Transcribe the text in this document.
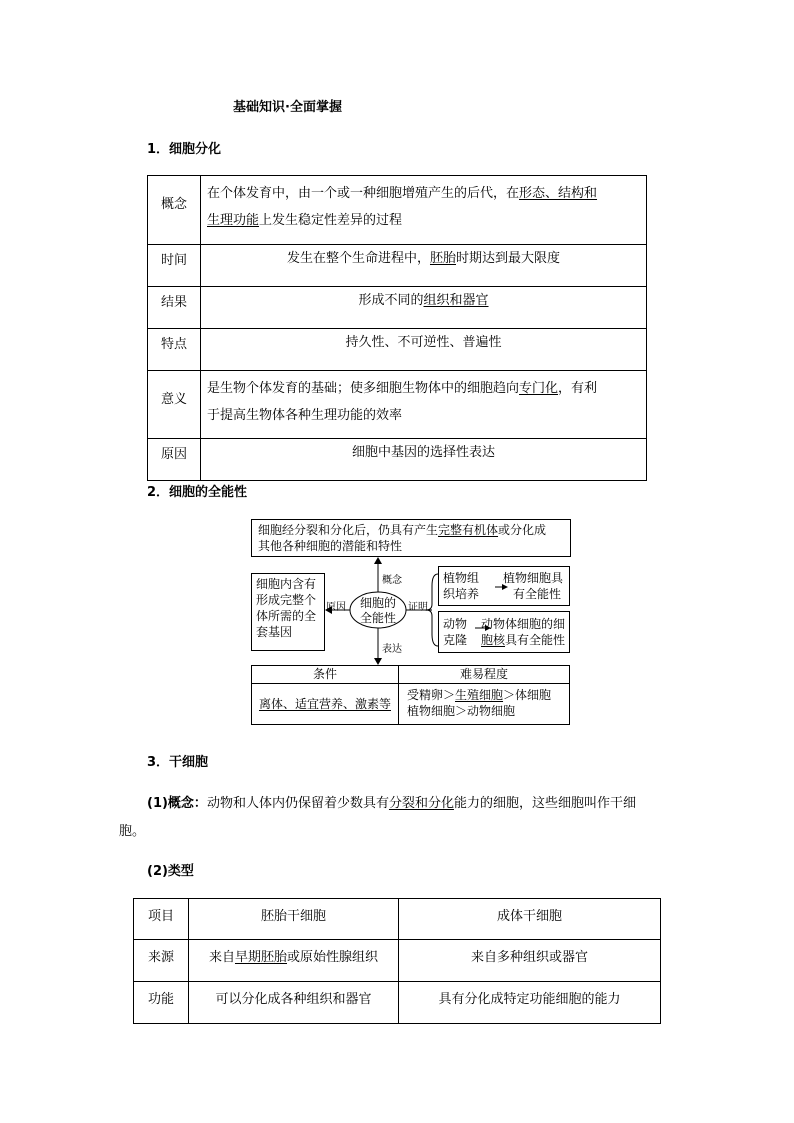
基础知识·全面掌握
1．细胞分化
概念	在个体发育中，由一个或一种细胞增殖产生的后代，在形态、结构和
生理功能上发生稳定性差异的过程
时间	发生在整个生命进程中，胚胎时期达到最大限度
结果	形成不同的组织和器官
特点	持久性、不可逆性、普遍性
意义	是生物个体发育的基础；使多细胞生物体中的细胞趋向专门化，有利
于提高生物体各种生理功能的效率
原因	细胞中基因的选择性表达
2．细胞的全能性
细胞经分裂和分化后，仍具有产生完整有机体或分化成
其他各种细胞的潜能和特性
细胞内含有
形成完整个
体所需的全
套基因
概念
原因	证明
表达
细胞的
全能性
植物组
织培养
植物细胞具
有全能性
动物
克隆
动物体细胞的细
胞核具有全能性
条件	难易程度
离体、适宜营养、激素等
受精卵＞生殖细胞＞体细胞
植物细胞＞动物细胞
3．干细胞
(1)概念：动物和人体内仍保留着少数具有分裂和分化能力的细胞，这些细胞叫作干细
胞。
(2)类型
项目	胚胎干细胞	成体干细胞
来源	来自早期胚胎或原始性腺组织	来自多种组织或器官
功能	可以分化成各种组织和器官	具有分化成特定功能细胞的能力
